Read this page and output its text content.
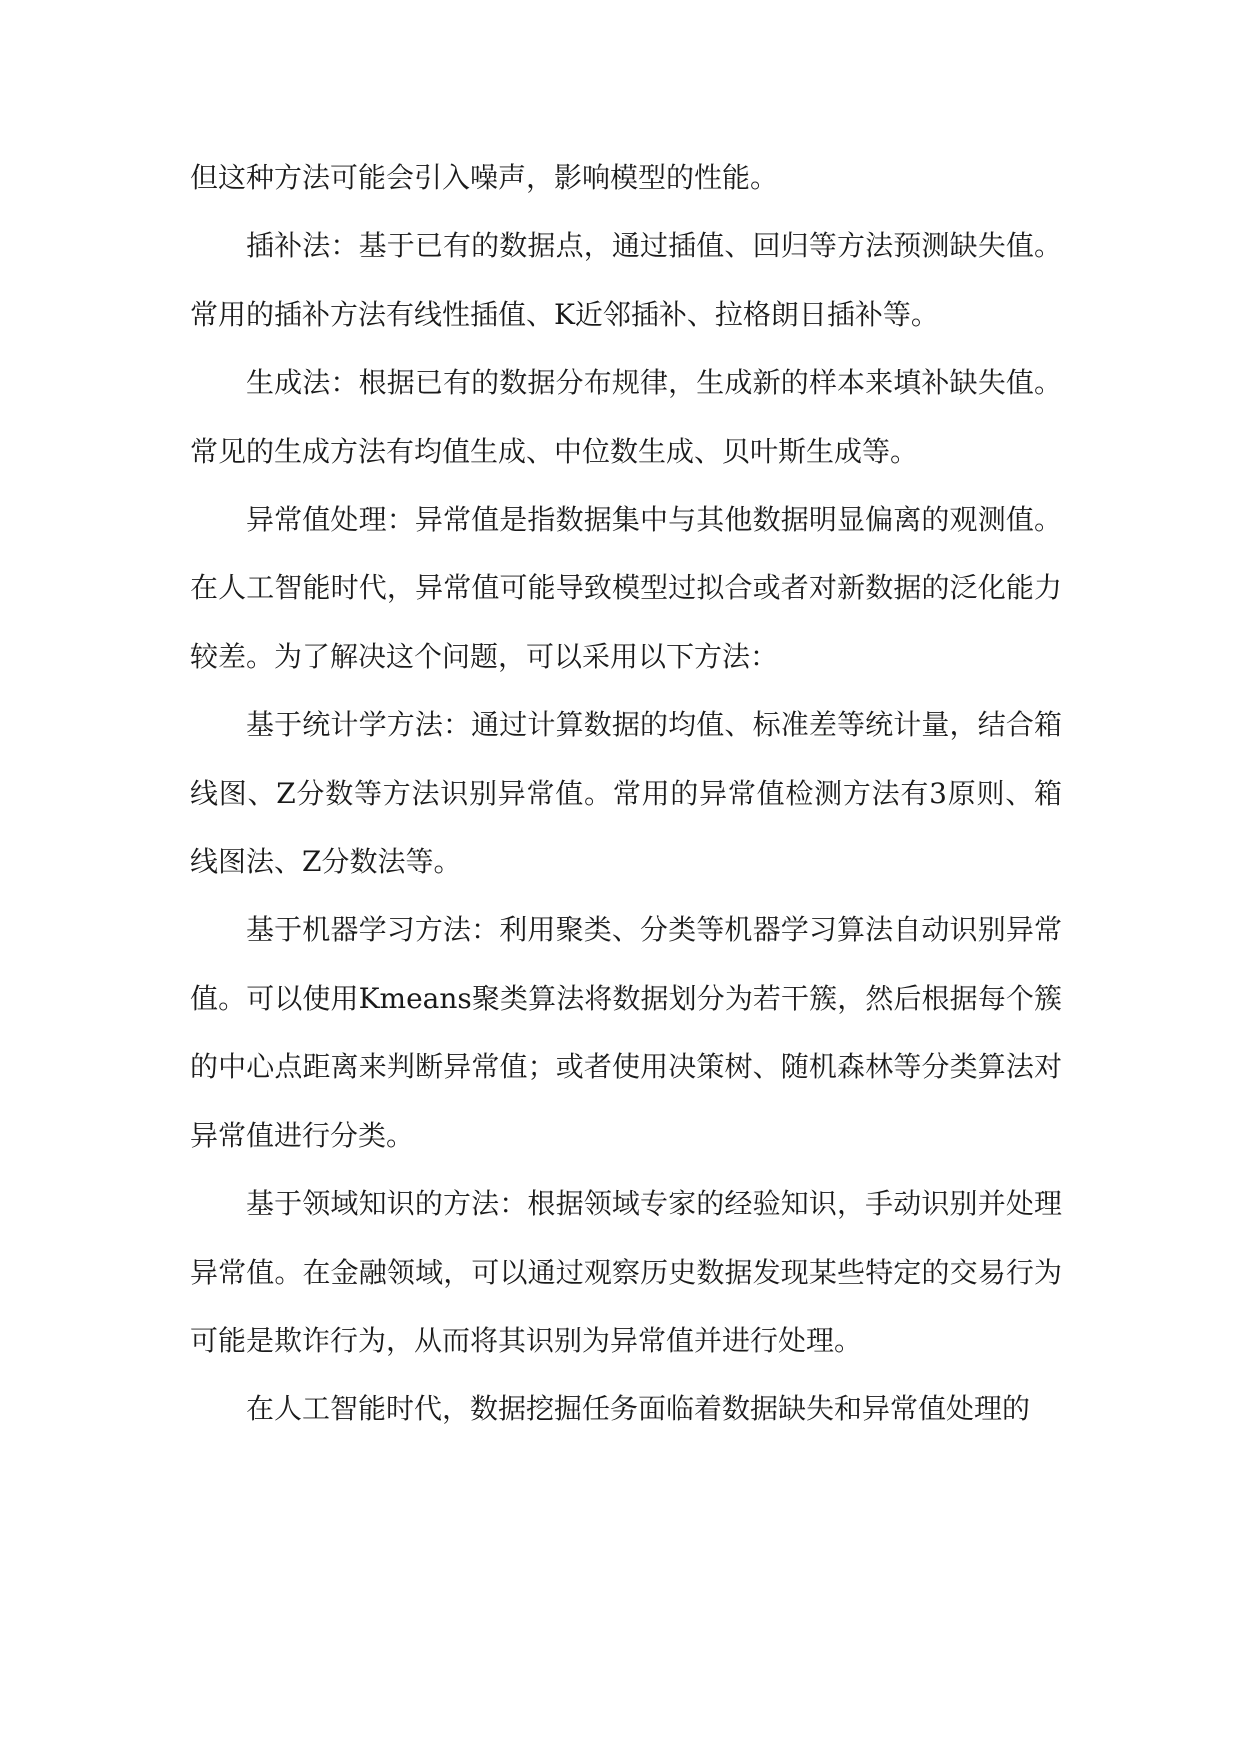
但这种方法可能会引入噪声，影响模型的性能。

插补法：基于已有的数据点，通过插值、回归等方法预测缺失值。常用的插补方法有线性插值、K近邻插补、拉格朗日插补等。

生成法：根据已有的数据分布规律，生成新的样本来填补缺失值。常见的生成方法有均值生成、中位数生成、贝叶斯生成等。

异常值处理：异常值是指数据集中与其他数据明显偏离的观测值。在人工智能时代，异常值可能导致模型过拟合或者对新数据的泛化能力较差。为了解决这个问题，可以采用以下方法：

基于统计学方法：通过计算数据的均值、标准差等统计量，结合箱线图、Z分数等方法识别异常值。常用的异常值检测方法有3原则、箱线图法、Z分数法等。

基于机器学习方法：利用聚类、分类等机器学习算法自动识别异常值。可以使用Kmeans聚类算法将数据划分为若干簇，然后根据每个簇的中心点距离来判断异常值；或者使用决策树、随机森林等分类算法对异常值进行分类。

基于领域知识的方法：根据领域专家的经验知识，手动识别并处理异常值。在金融领域，可以通过观察历史数据发现某些特定的交易行为可能是欺诈行为，从而将其识别为异常值并进行处理。

在人工智能时代，数据挖掘任务面临着数据缺失和异常值处理的
